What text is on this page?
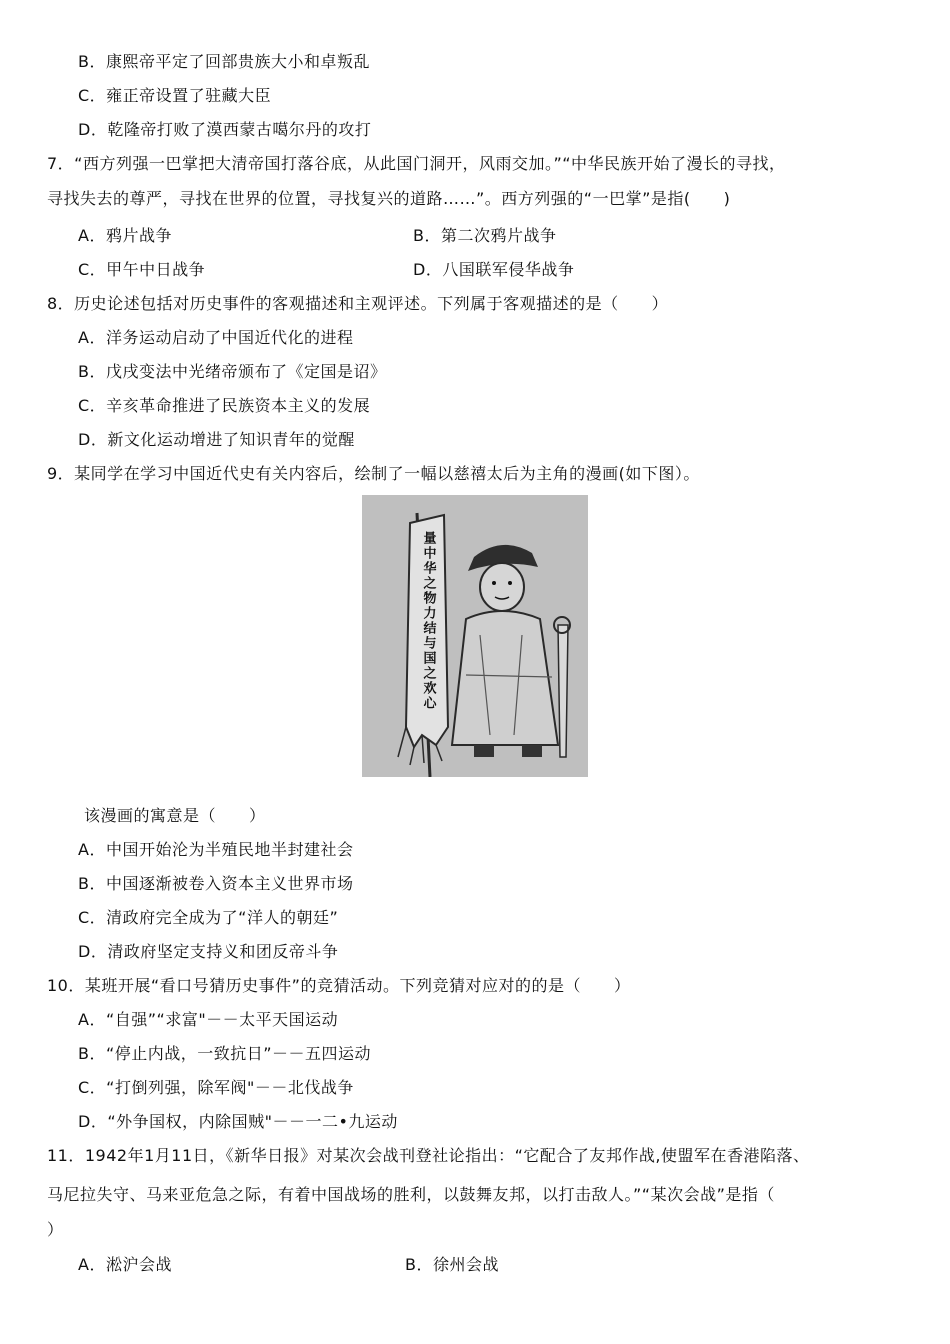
B．康熙帝平定了回部贵族大小和卓叛乱
C．雍正帝设置了驻藏大臣
D．乾隆帝打败了漠西蒙古噶尔丹的攻打
7．“西方列强一巴掌把大清帝国打落谷底，从此国门洞开，风雨交加。”“中华民族开始了漫长的寻找，
寻找失去的尊严，寻找在世界的位置，寻找复兴的道路……”。西方列强的“一巴掌”是指(　　)
A．鸦片战争	B．第二次鸦片战争
C．甲午中日战争	D．八国联军侵华战争
8．历史论述包括对历史事件的客观描述和主观评述。下列属于客观描述的是（　　）
A．洋务运动启动了中国近代化的进程
B．戊戌变法中光绪帝颁布了《定国是诏》
C．辛亥革命推进了民族资本主义的发展
D．新文化运动增进了知识青年的觉醒
9．某同学在学习中国近代史有关内容后，绘制了一幅以慈禧太后为主角的漫画(如下图）。
量中华之物力结与国之欢心
该漫画的寓意是（　　）
A．中国开始沦为半殖民地半封建社会
B．中国逐渐被卷入资本主义世界市场
C．清政府完全成为了“洋人的朝廷”
D．清政府坚定支持义和团反帝斗争
10．某班开展“看口号猜历史事件”的竞猜活动。下列竞猜对应对的的是（　　）
A．“自强”“求富"－－太平天国运动
B．“停止内战，一致抗日”－－五四运动
C．“打倒列强，除军阀"－－北伐战争
D．“外争国权，内除国贼"－－一二•九运动
11．1942年1月11日，《新华日报》对某次会战刊登社论指出：“它配合了友邦作战,使盟军在香港陷落、
马尼拉失守、马来亚危急之际，有着中国战场的胜利，以鼓舞友邦，以打击敌人。”“某次会战”是指（
）
A．淞沪会战	B．徐州会战
